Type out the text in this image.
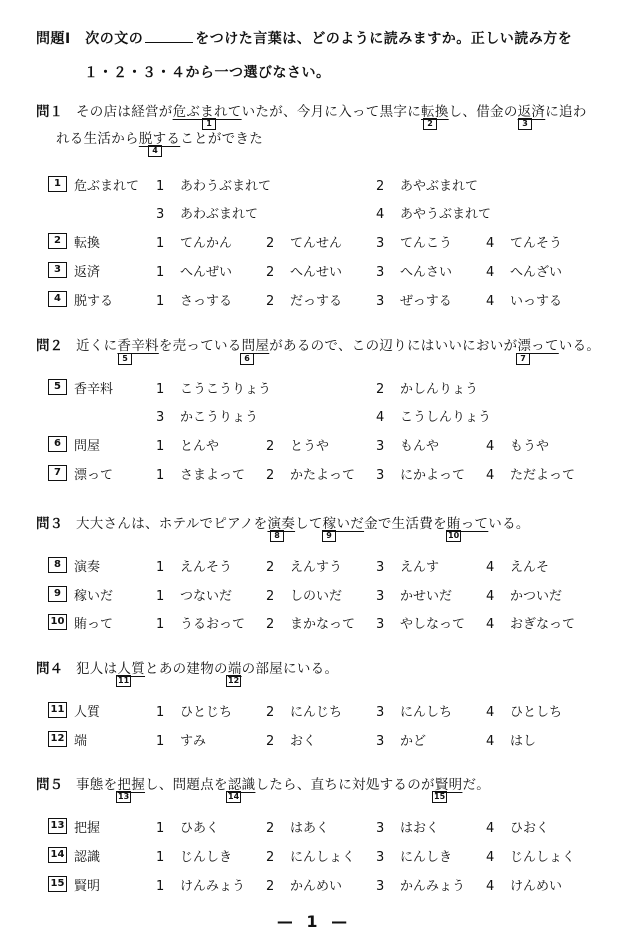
問題Ⅰ　次の文の	をつけた言葉は、どのように読みますか。正しい読み方を
１・２・３・４から一つ選びなさい。
問１ その店は経営が危ぶまれていたが、今月に入って黒字に転換し、借金の返済に追わ
れる生活から脱することができた
1	2	3
4
1	危ぶまれて 1 あわうぶまれて	2 あやぶまれて
3 あわぶまれて	4 あやうぶまれて
2	転換	1 てんかん	2 てんせん	3 てんこう	4 てんそう
3	返済	1 へんぜい	2 へんせい	3 へんさい	4 へんざい
4	脱する	1 さっする	2 だっする	3 ぜっする	4 いっする
問２ 近くに香辛料を売っている問屋があるので、この辺りにはいいにおいが漂っている。
5	6	7
5	香辛料	1 こうこうりょう	2 かしんりょう
3 かこうりょう	4 こうしんりょう
6	問屋	1 とんや	2 とうや	3 もんや	4 もうや
7	漂って	1 さまよって 2 かたよって 3 にかよって 4 ただよって
問３ 大大さんは、ホテルでピアノを演奏して稼いだ金で生活費を賄っている。
8	9	10
8	演奏	1 えんそう	2 えんすう	3 えんす	4 えんそ
9	稼いだ	1 つないだ	2 しのいだ	3 かせいだ	4 かついだ
10 賄って	1 うるおって 2 まかなって 3 やしなって 4 おぎなって
問４ 犯人は人質とあの建物の端の部屋にいる。
11	12
11 人質	1 ひとじち	2 にんじち	3 にんしち	4 ひとしち
12 端	1 すみ	2 おく	3 かど	4 はし
問５ 事態を把握し、問題点を認識したら、直ちに対処するのが賢明だ。
13	14	15
13 把握	1 ひあく	2 はあく	3 はおく	4 ひおく
14 認識	1 じんしき	2 にんしょく 3 にんしき	4 じんしょく
15 賢明	1 けんみょう 2 かんめい	3 かんみょう 4 けんめい
— 1 —
